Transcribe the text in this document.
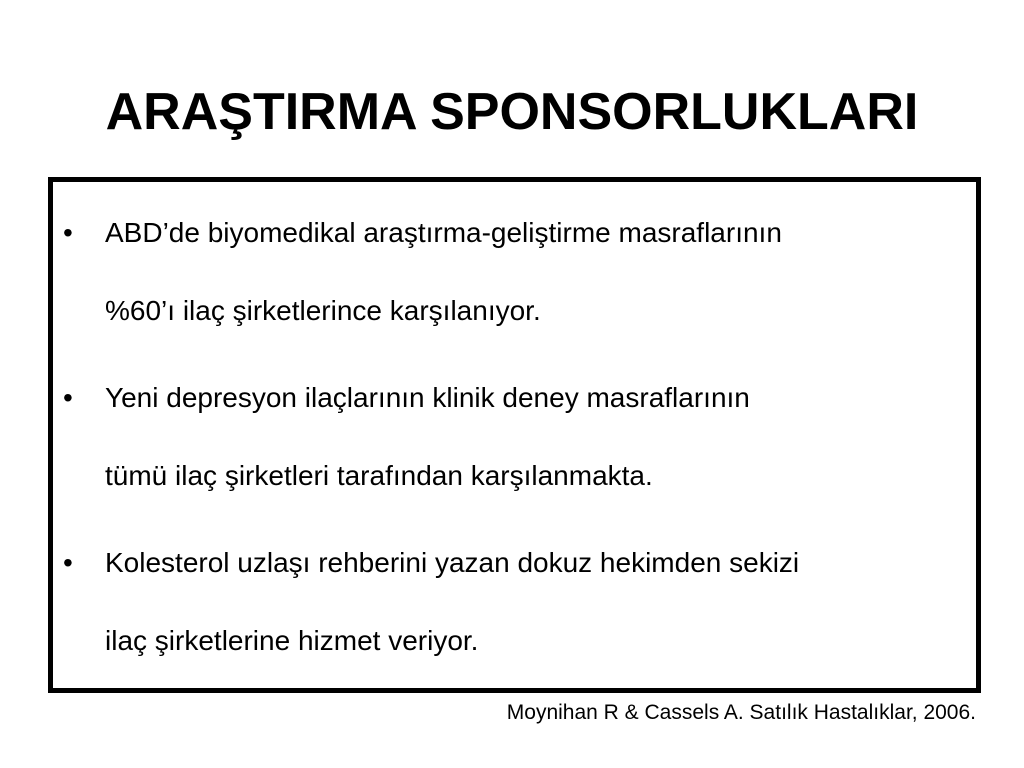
ARAŞTIRMA SPONSORLUKLARI
• ABD’de biyomedikal araştırma-geliştirme masraflarının
%60’ı ilaç şirketlerince karşılanıyor.
• Yeni depresyon ilaçlarının klinik deney masraflarının
tümü ilaç şirketleri tarafından karşılanmakta.
• Kolesterol uzlaşı rehberini yazan dokuz hekimden sekizi
ilaç şirketlerine hizmet veriyor.
Moynihan R & Cassels A. Satılık Hastalıklar, 2006.
